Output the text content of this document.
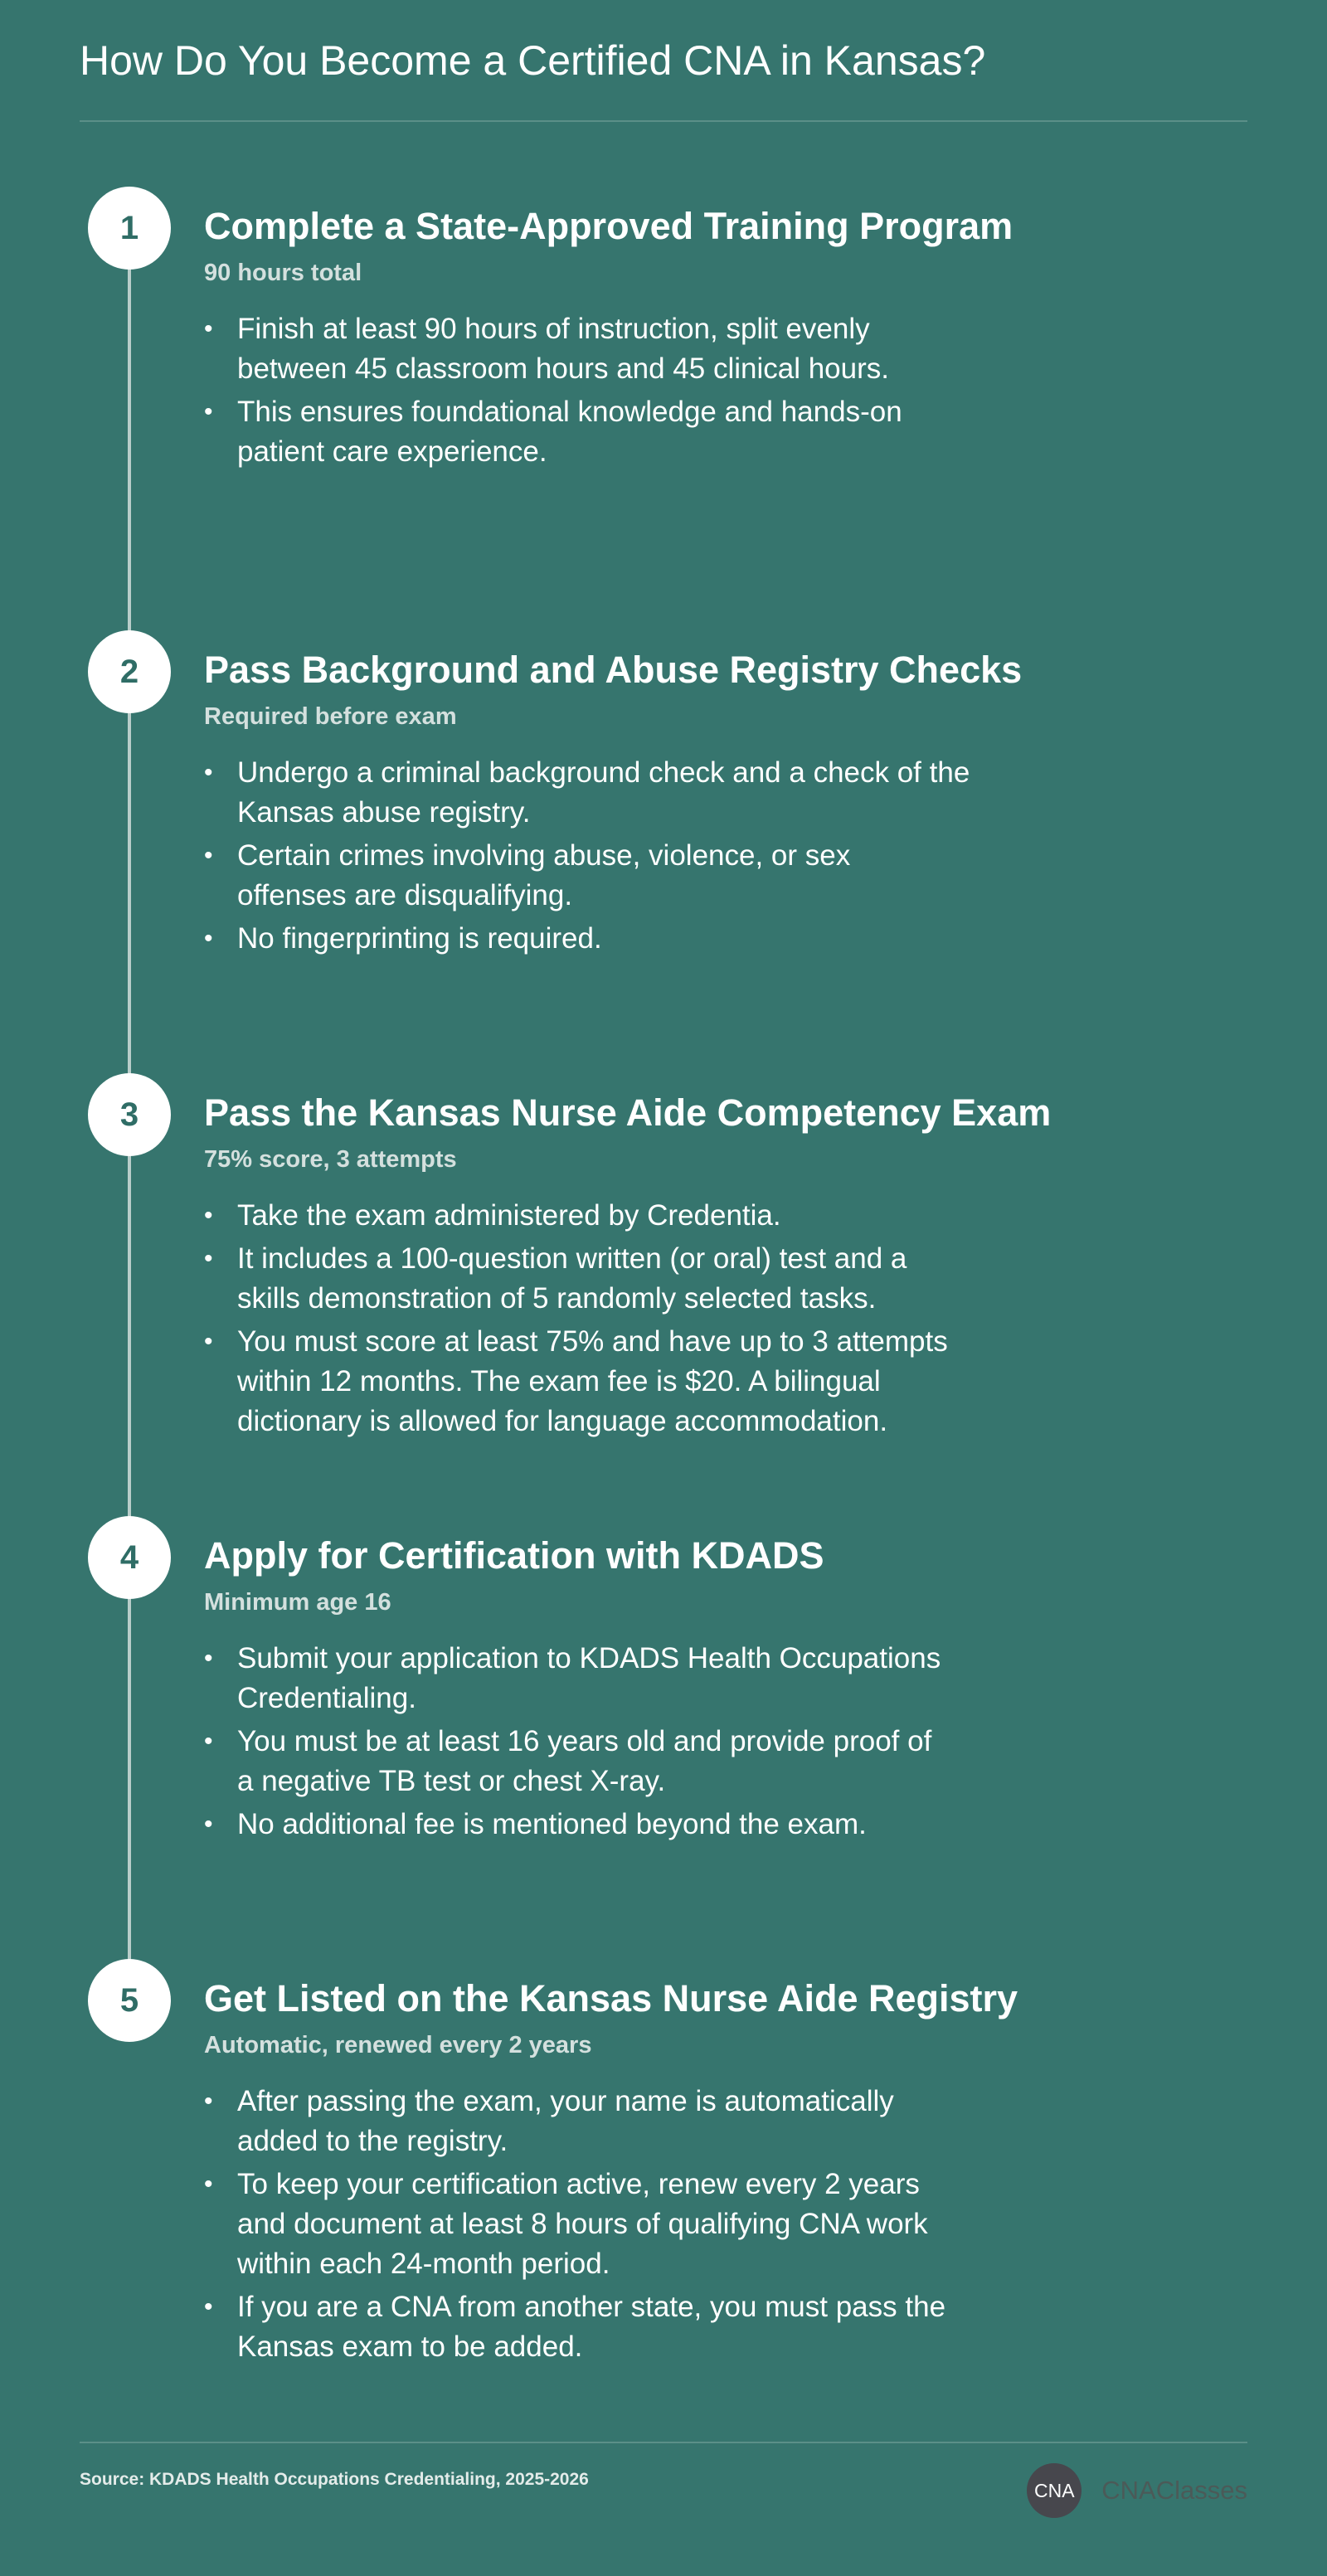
How Do You Become a Certified CNA in Kansas?
1	Complete a State-Approved Training Program
90 hours total
• Finish at least 90 hours of instruction, split evenly
between 45 classroom hours and 45 clinical hours.
• This ensures foundational knowledge and hands-on
patient care experience.
2	Pass Background and Abuse Registry Checks
Required before exam
• Undergo a criminal background check and a check of the
Kansas abuse registry.
• Certain crimes involving abuse, violence, or sex
offenses are disqualifying.
• No fingerprinting is required.
3	Pass the Kansas Nurse Aide Competency Exam
75% score, 3 attempts
• Take the exam administered by Credentia.
• It includes a 100-question written (or oral) test and a
skills demonstration of 5 randomly selected tasks.
• You must score at least 75% and have up to 3 attempts
within 12 months. The exam fee is $20. A bilingual
dictionary is allowed for language accommodation.
4	Apply for Certification with KDADS
Minimum age 16
• Submit your application to KDADS Health Occupations
Credentialing.
• You must be at least 16 years old and provide proof of
a negative TB test or chest X-ray.
• No additional fee is mentioned beyond the exam.
5	Get Listed on the Kansas Nurse Aide Registry
Automatic, renewed every 2 years
• After passing the exam, your name is automatically
added to the registry.
• To keep your certification active, renew every 2 years
and document at least 8 hours of qualifying CNA work
within each 24-month period.
• If you are a CNA from another state, you must pass the
Kansas exam to be added.
Source: KDADS Health Occupations Credentialing, 2025-2026	CNA CNAClasses
